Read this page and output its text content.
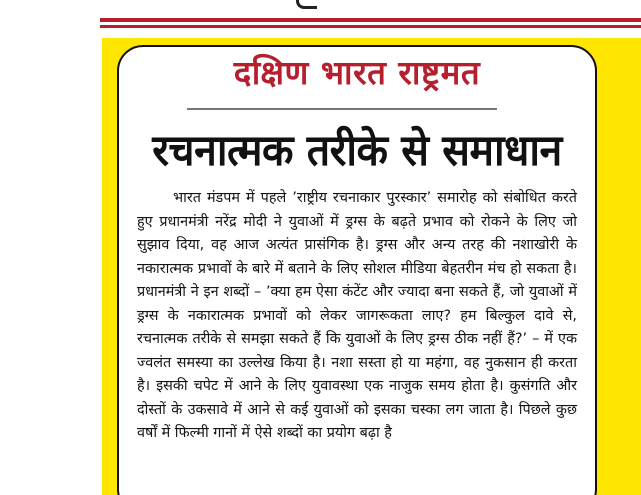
दक्षिण भारत राष्ट्रमत
रचनात्मक तरीके से समाधान

भारत मंडपम में पहले ’राष्ट्रीय रचनाकार पुरस्कार’ समारोह को संबोधित करते हुए प्रधानमंत्री नरेंद्र मोदी ने युवाओं में ड्रग्स के बढ़ते प्रभाव को रोकने के लिए जो सुझाव दिया, वह आज अत्यंत प्रासंगिक है। ड्रग्स और अन्य तरह की नशाखोरी के नकारात्मक प्रभावों के बारे में बताने के लिए सोशल मीडिया बेहतरीन मंच हो सकता है। प्रधानमंत्री ने इन शब्दों – ’क्या हम ऐसा कंटेंट और ज्यादा बना सकते हैं, जो युवाओं में ड्रग्स के नकारात्मक प्रभावों को लेकर जागरूकता लाए? हम बिल्कुल दावे से, रचनात्मक तरीके से समझा सकते हैं कि युवाओं के लिए ड्रग्स ठीक नहीं हैं?’ – में एक ज्वलंत समस्या का उल्लेख किया है। नशा सस्ता हो या महंगा, वह नुकसान ही करता है। इसकी चपेट में आने के लिए युवावस्था एक नाजुक समय होता है। कुसंगति और दोस्तों के उकसावे में आने से कई युवाओं को इसका चस्का लग जाता है। पिछले कुछ वर्षों में फिल्मी गानों में ऐसे शब्दों का प्रयोग बढ़ा है
